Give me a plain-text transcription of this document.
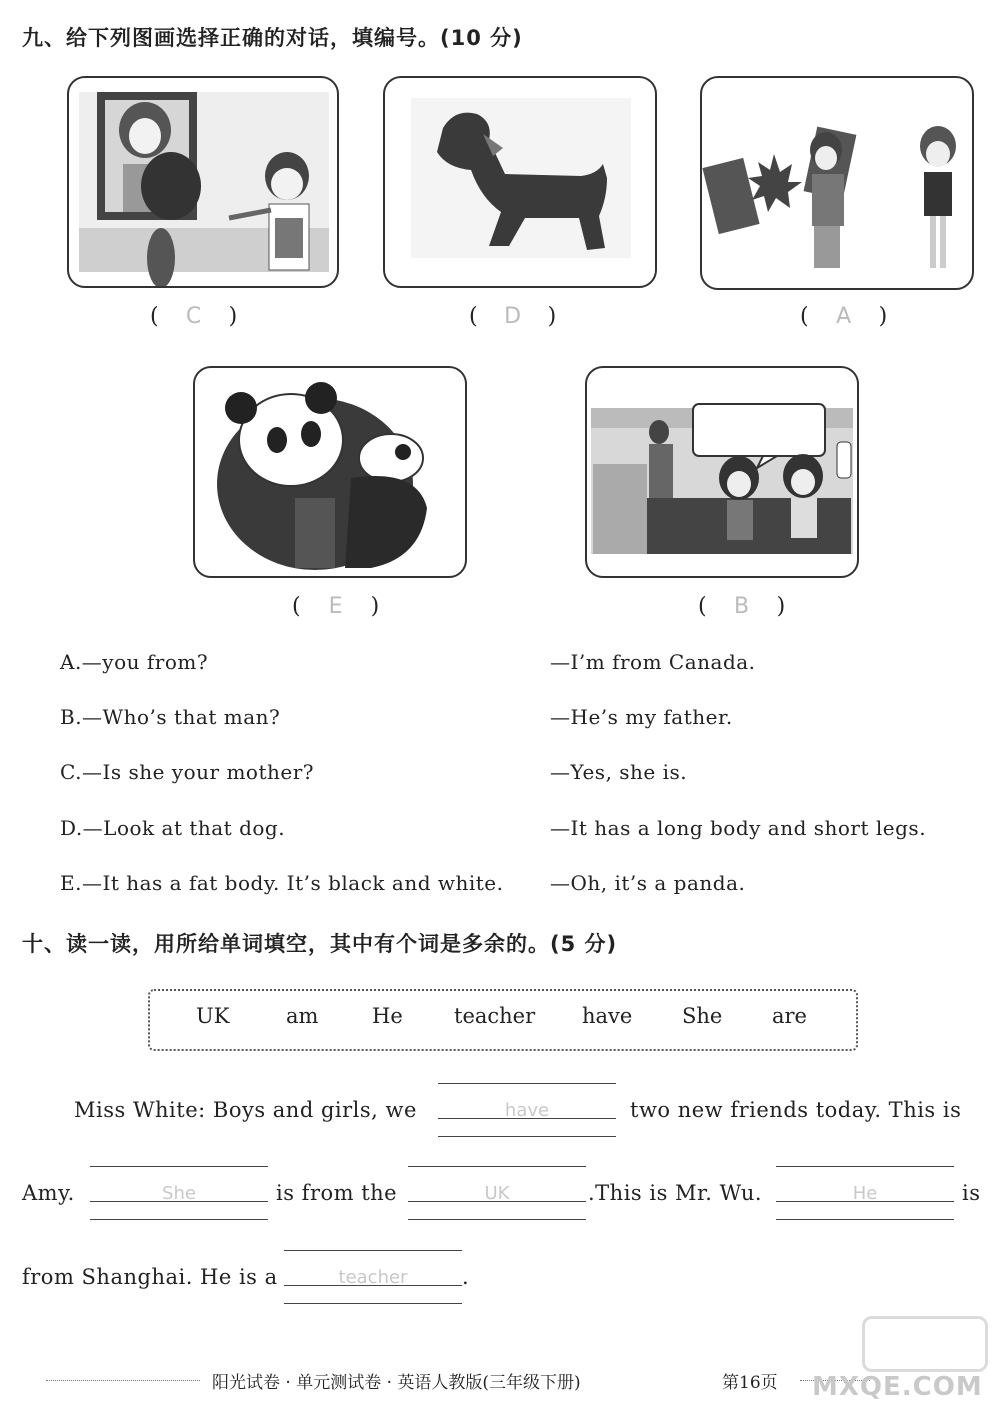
九、给下列图画选择正确的对话，填编号。(10 分)
( C )	( D )	( A )
( E )	( B )
A.—you from?	—I’m from Canada.
B.—Who’s that man?	—He’s my father.
C.—Is she your mother?	—Yes, she is.
D.—Look at that dog.	—It has a long body and short legs.
E.—It has a fat body. It’s black and white. —Oh, it’s a panda.
十、读一读，用所给单词填空，其中有个词是多余的。(5 分)
UK	am	He teacher have She are
Miss White: Boys and girls, we	have	two new friends today. This is
Amy.	She	is from the	UK	.This is Mr. Wu.	He	is
from Shanghai. He is a	teacher	.
阳光试卷 · 单元测试卷 · 英语人教版(三年级下册)	第16页 MXQE.COM
